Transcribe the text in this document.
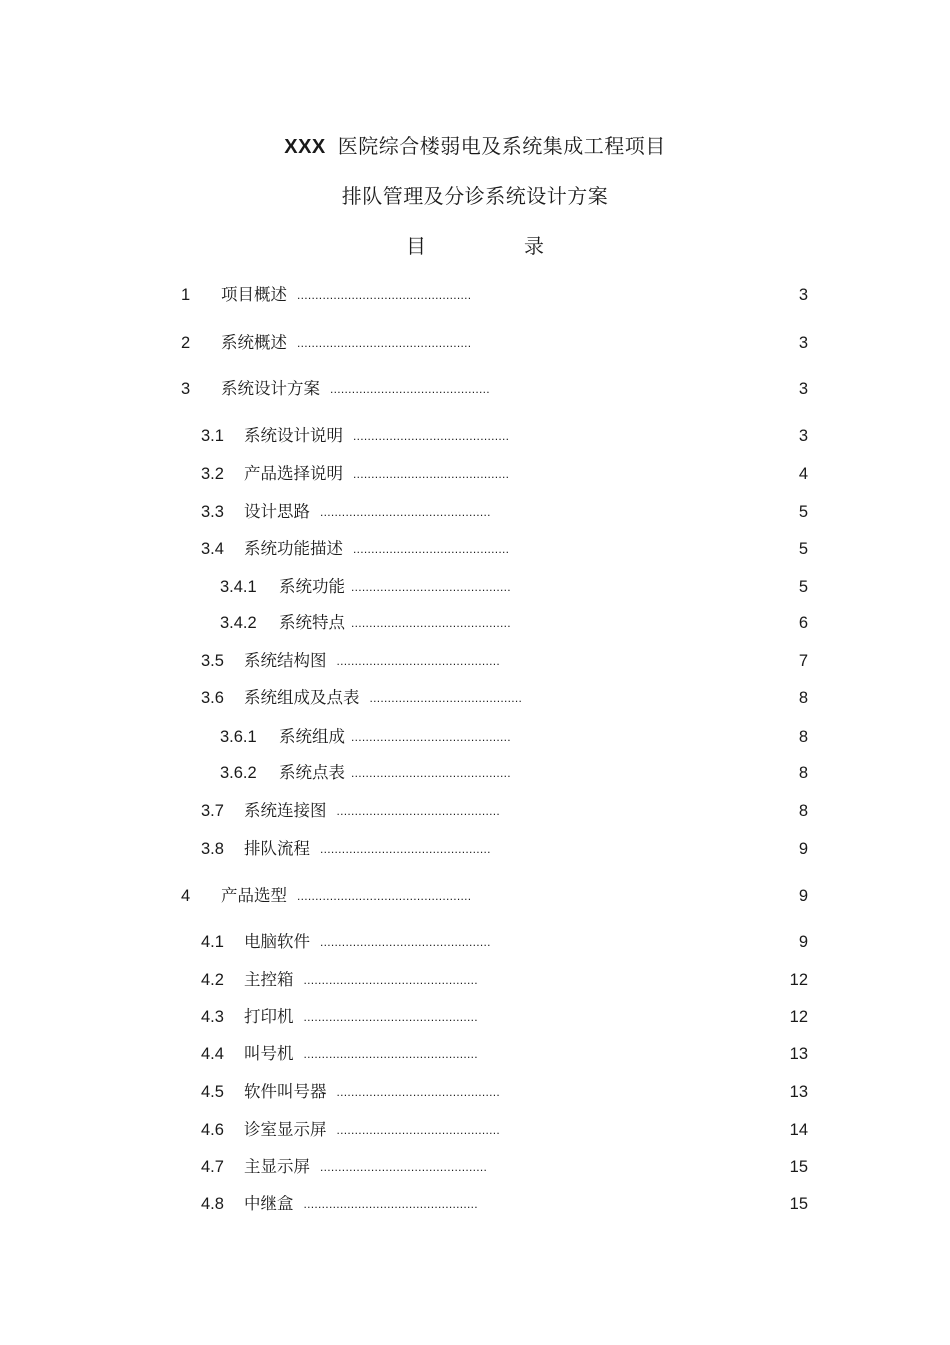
XXX 医院综合楼弱电及系统集成工程项目
排队管理及分诊系统设计方案
目	录
1 项目概述 ................................................	3
2 系统概述 ................................................	3
3 系统设计方案 ............................................	3
3.1 系统设计说明 ...........................................	3
3.2 产品选择说明 ...........................................	4
3.3 设计思路 ...............................................	5
3.4 系统功能描述 ...........................................	5
3.4.1 系统功能 ............................................	5
3.4.2 系统特点 ............................................	6
3.5 系统结构图 .............................................	7
3.6 系统组成及点表 ..........................................	8
3.6.1 系统组成 ............................................	8
3.6.2 系统点表 ............................................	8
3.7 系统连接图 .............................................	8
3.8 排队流程 ...............................................	9
4 产品选型 ................................................	9
4.1 电脑软件 ...............................................	9
4.2 主控箱 ................................................	12
4.3 打印机 ................................................	12
4.4 叫号机 ................................................	13
4.5 软件叫号器 .............................................	13
4.6 诊室显示屏 .............................................	14
4.7 主显示屏 ..............................................	15
4.8 中继盒 ................................................	15
